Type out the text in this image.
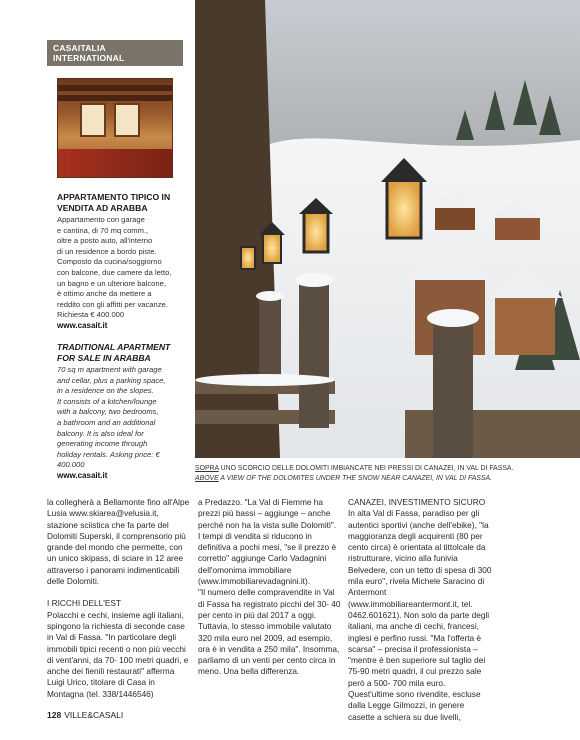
CASAITALIA INTERNATIONAL
APPARTAMENTO TIPICO IN VENDITA AD ARABBA
Appartamento con garage
e cantina, di 70 mq comm.,
oltre a posto auto, all'interno
di un residence a bordo piste.
Composto da cucina/soggiorno
con balcone, due camere da letto,
un bagno e un ulteriore balcone,
è ottimo anche da mettere a
reddito con gli affitti per vacanze.
Richiesta € 400.000
www.casait.it
TRADITIONAL APARTMENT FOR SALE IN ARABBA
70 sq m apartment with garage
and cellar, plus a parking space,
in a residence on the slopes.
It consists of a kitchen/lounge
with a balcony, two bedrooms,
a bathroom and an additional
balcony. It is also ideal for
generating income through
holiday rentals. Asking price: €
400.000
www.casait.it
SOPRA UNO SCORCIO DELLE DOLOMITI IMBIANCATE NEI PRESSI DI CANAZEI, IN VAL DI FASSA.
ABOVE A VIEW OF THE DOLOMITES UNDER THE SNOW NEAR CANAZEI, IN VAL DI FASSA.

la collegherà a Bellamonte fino all'Alpe Lusia www.skiarea@velusia.it, stazione sciistica che fa parte del Dolomiti Superski, il comprensorio più grande del mondo che permette, con un unico skipass, di sciare in 12 aree attraverso i panorami indimenticabili delle Dolomiti.

I RICCHI DELL'EST

Polacchi e cechi, insieme agli italiani, spingono la richiesta di seconde case in Val di Fassa. "In particolare degli immobili tipici recenti o non più vecchi di vent'anni, da 70- 100 metri quadri, e anche dei fienili restaurati" afferma Luigi Urico, titolare di Casa in Montagna (tel. 338/1446546)

a Predazzo. "La Val di Fiemme ha prezzi più bassi – aggiunge – anche perché non ha la vista sulle Dolomiti".

I tempi di vendita si riducono in definitiva a pochi mesi, "se il prezzo è corretto" aggiunge Carlo Vadagnini dell'omonima immobiliare (www.immobiliarevadagnini.it).

"Il numero delle compravendite in Val di Fassa ha registrato picchi del 30- 40 per cento in più dal 2017 a oggi. Tuttavia, lo stesso immobile valutato 320 mila euro nel 2009, ad esempio, ora è in vendita a 250 mila". Insomma, parliamo di un venti per cento circa in meno. Una bella differenza.

CANAZEI, INVESTIMENTO SICURO

In alta Val di Fassa, paradiso per gli autentici sportivi (anche dell'ebike), "la maggioranza degli acquirenti (80 per cento circa) è orientata al tittolcale da ristrutturare, vicino alla funivia Belvedere, con un tetto di spesa di 300 mila euro", rivela Michele Saracino di Antermont (www.immobiliareantermont.it, tel. 0462.601621). Non solo da parte degli italiani, ma anche di cechi, francesi, inglesi e perfino russi. "Ma l'offerta è scarsa" – precisa il professionista – "mentre è ben superiore sul taglio dei 75-90 metri quadri, il cui prezzo sale però a 500- 700 mila euro. Quest'ultime sono rivendite, escluse dalla Legge Gilmozzi, in genere casette a schiera su due livelli,

128 VILLE&CASALI
